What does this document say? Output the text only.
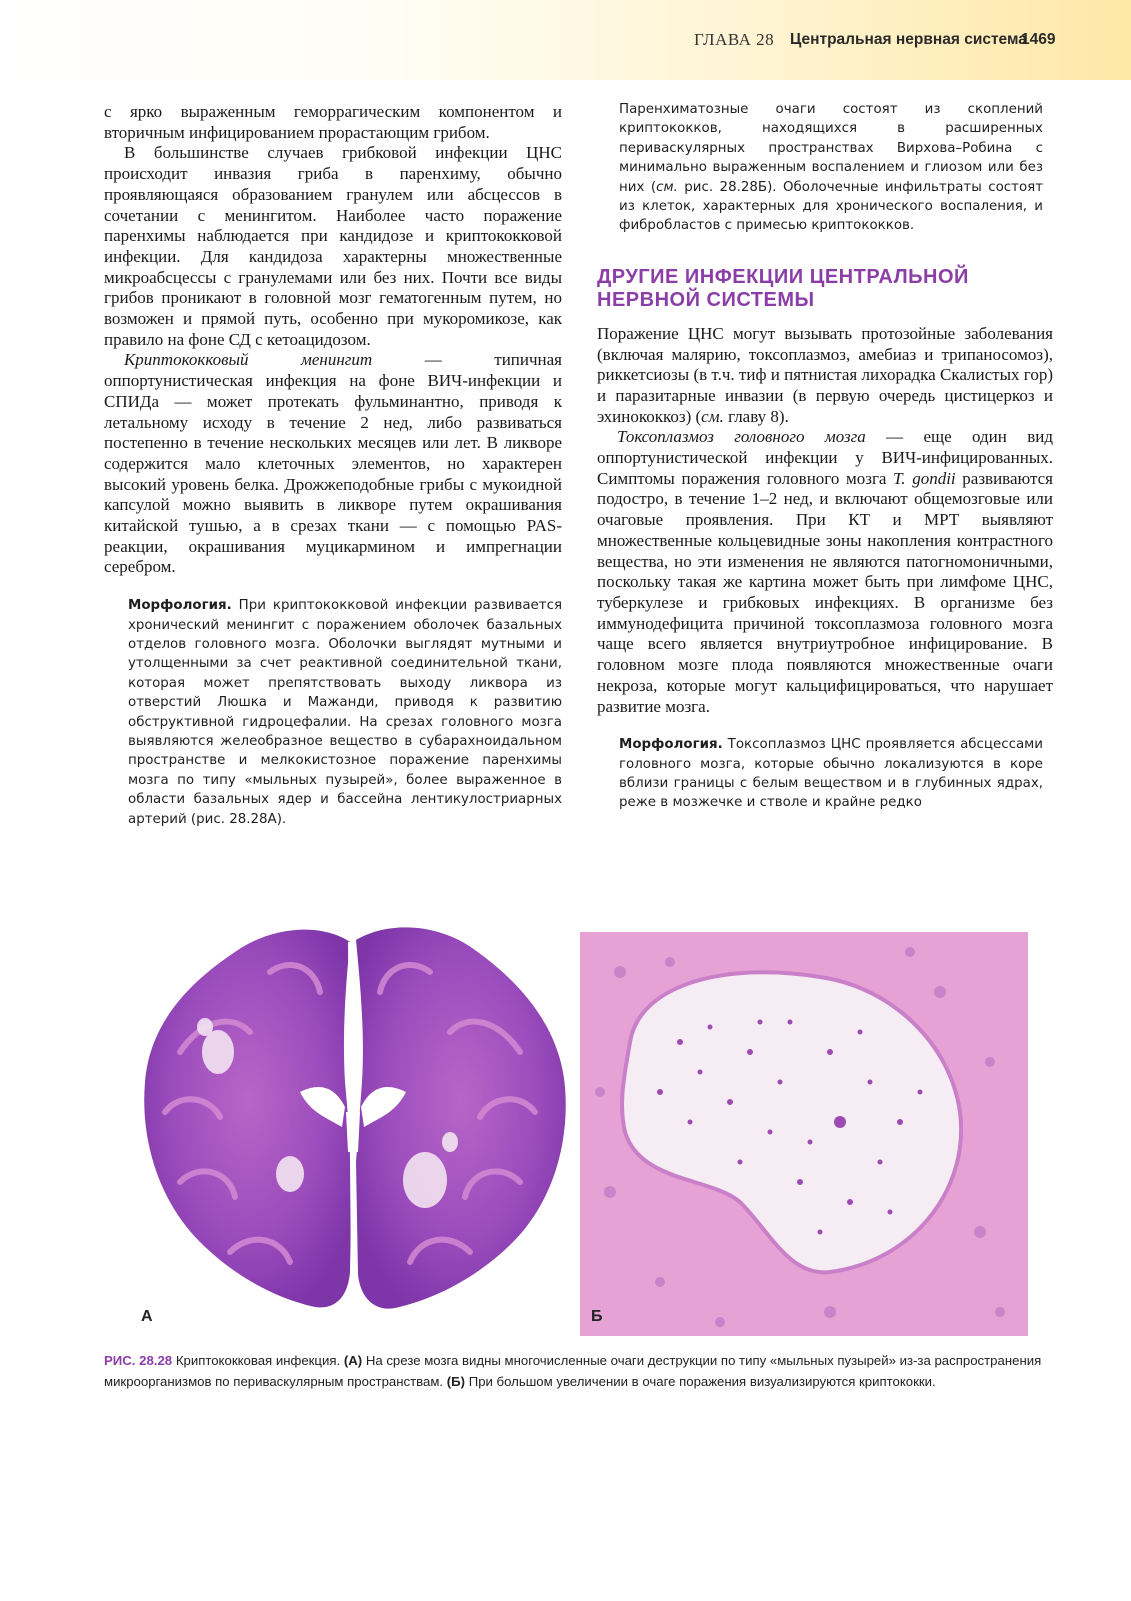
ГЛАВА 28 Центральная нервная система
1469

с ярко выраженным геморрагическим компонентом и вторичным инфицированием прорастающим грибом.

В большинстве случаев грибковой инфекции ЦНС происходит инвазия гриба в паренхиму, обычно проявляющаяся образованием гранулем или абсцессов в сочетании с менингитом. Наиболее часто поражение паренхимы наблюдается при кандидозе и криптококковой инфекции. Для кандидоза характерны множественные микроабсцессы с гранулемами или без них. Почти все виды грибов проникают в головной мозг гематогенным путем, но возможен и прямой путь, особенно при мукоромикозе, как правило на фоне СД с кетоацидозом.

Криптококковый менингит — типичная оппортунистическая инфекция на фоне ВИЧ-инфекции и СПИДа — может протекать фульминантно, приводя к летальному исходу в течение 2 нед, либо развиваться постепенно в течение нескольких месяцев или лет. В ликворе содержится мало клеточных элементов, но характерен высокий уровень белка. Дрожжеподобные грибы с мукоидной капсулой можно выявить в ликворе путем окрашивания китайской тушью, а в срезах ткани — с помощью PAS-реакции, окрашивания муцикармином и импрегнации серебром.

Морфология. При криптококковой инфекции развивается хронический менингит с поражением оболочек базальных отделов головного мозга. Оболочки выглядят мутными и утолщенными за счет реактивной соединительной ткани, которая может препятствовать выходу ликвора из отверстий Люшка и Мажанди, приводя к развитию обструктивной гидроцефалии. На срезах головного мозга выявляются желеобразное вещество в субарахноидальном пространстве и мелкокистозное поражение паренхимы мозга по типу «мыльных пузырей», более выраженное в области базальных ядер и бассейна лентикулостриарных артерий (рис. 28.28А).

Паренхиматозные очаги состоят из скоплений криптококков, находящихся в расширенных периваскулярных пространствах Вирхова–Робина с минимально выраженным воспалением и глиозом или без них (см. рис. 28.28Б). Оболочечные инфильтраты состоят из клеток, характерных для хронического воспаления, и фибробластов с примесью криптококков.

ДРУГИЕ ИНФЕКЦИИ ЦЕНТРАЛЬНОЙ
НЕРВНОЙ СИСТЕМЫ

Поражение ЦНС могут вызывать протозойные заболевания (включая малярию, токсоплазмоз, амебиаз и трипаносомоз), риккетсиозы (в т.ч. тиф и пятнистая лихорадка Скалистых гор) и паразитарные инвазии (в первую очередь цистицеркоз и эхинококкоз) (см. главу 8).

Токсоплазмоз головного мозга — еще один вид оппортунистической инфекции у ВИЧ-инфицированных. Симптомы поражения головного мозга T. gondii развиваются подостро, в течение 1–2 нед, и включают общемозговые или очаговые проявления. При КТ и МРТ выявляют множественные кольцевидные зоны накопления контрастного вещества, но эти изменения не являются патогномоничными, поскольку такая же картина может быть при лимфоме ЦНС, туберкулезе и грибковых инфекциях. В организме без иммунодефицита причиной токсоплазмоза головного мозга чаще всего является внутриутробное инфицирование. В головном мозге плода появляются множественные очаги некроза, которые могут кальцифицироваться, что нарушает развитие мозга.

Морфология. Токсоплазмоз ЦНС проявляется абсцессами головного мозга, которые обычно локализуются в коре вблизи границы с белым веществом и в глубинных ядрах, реже в мозжечке и стволе и крайне редко

А	Б
РИС. 28.28 Криптококковая инфекция. (А) На срезе мозга видны многочисленные очаги деструкции по типу «мыльных пузырей» из-за распространения микроорганизмов по периваскулярным пространствам. (Б) При большом увеличении в очаге поражения визуализируются криптококки.
